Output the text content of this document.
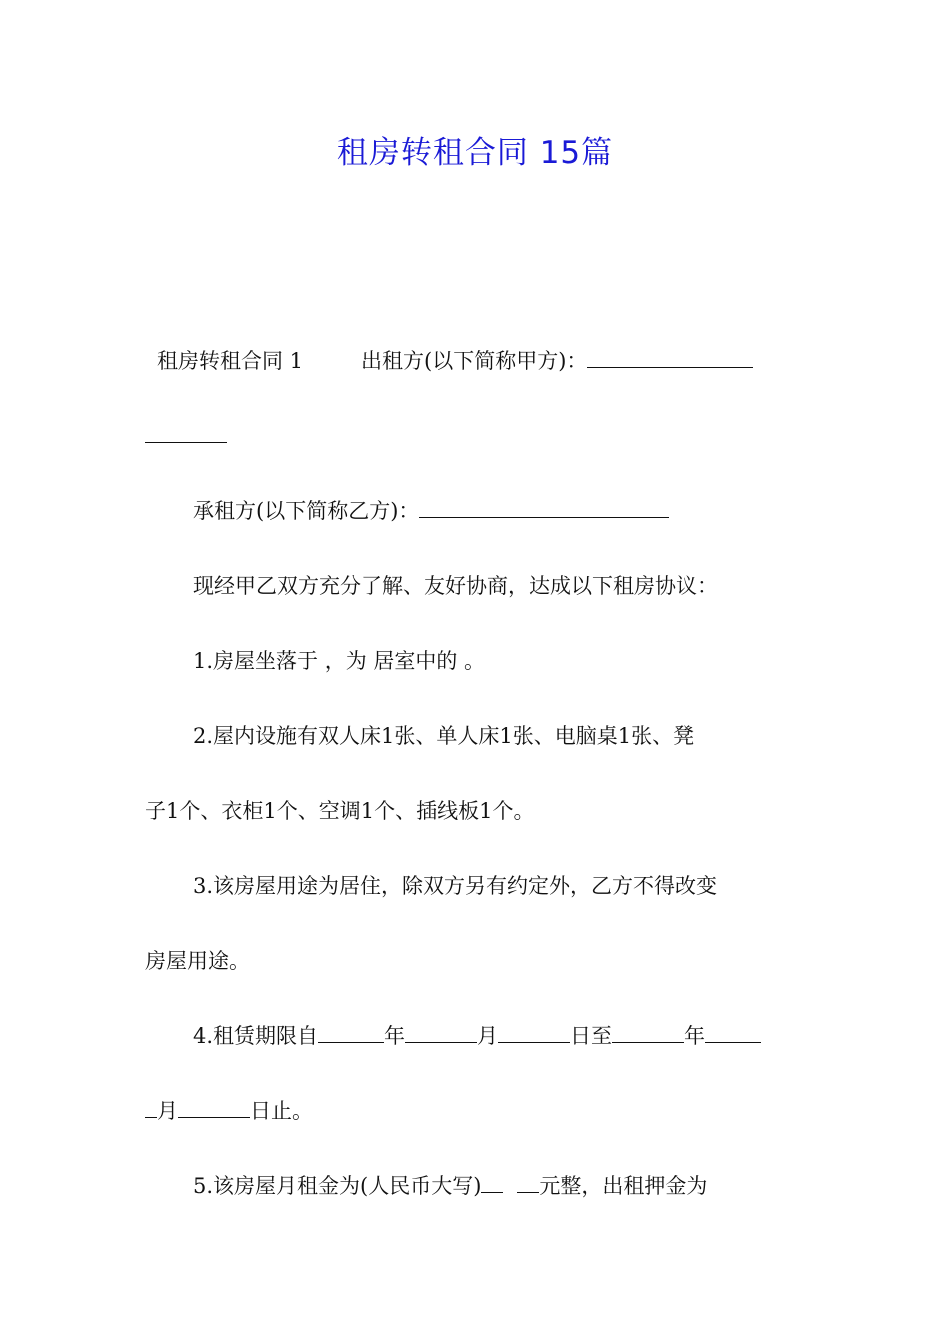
租房转租合同 15篇
租房转租合同 1	出租方(以下简称甲方)：
承租方(以下简称乙方)：
现经甲乙双方充分了解、友好协商，达成以下租房协议：
1.房屋坐落于 ，为 居室中的 。
2.屋内设施有双人床1张、单人床1张、电脑桌1张、凳
子1个、衣柜1个、空调1个、插线板1个。
3.该房屋用途为居住，除双方另有约定外，乙方不得改变
房屋用途。
4.租赁期限自	年	月	日至	年
月	日止。
5.该房屋月租金为(人民币大写)	元整，出租押金为
